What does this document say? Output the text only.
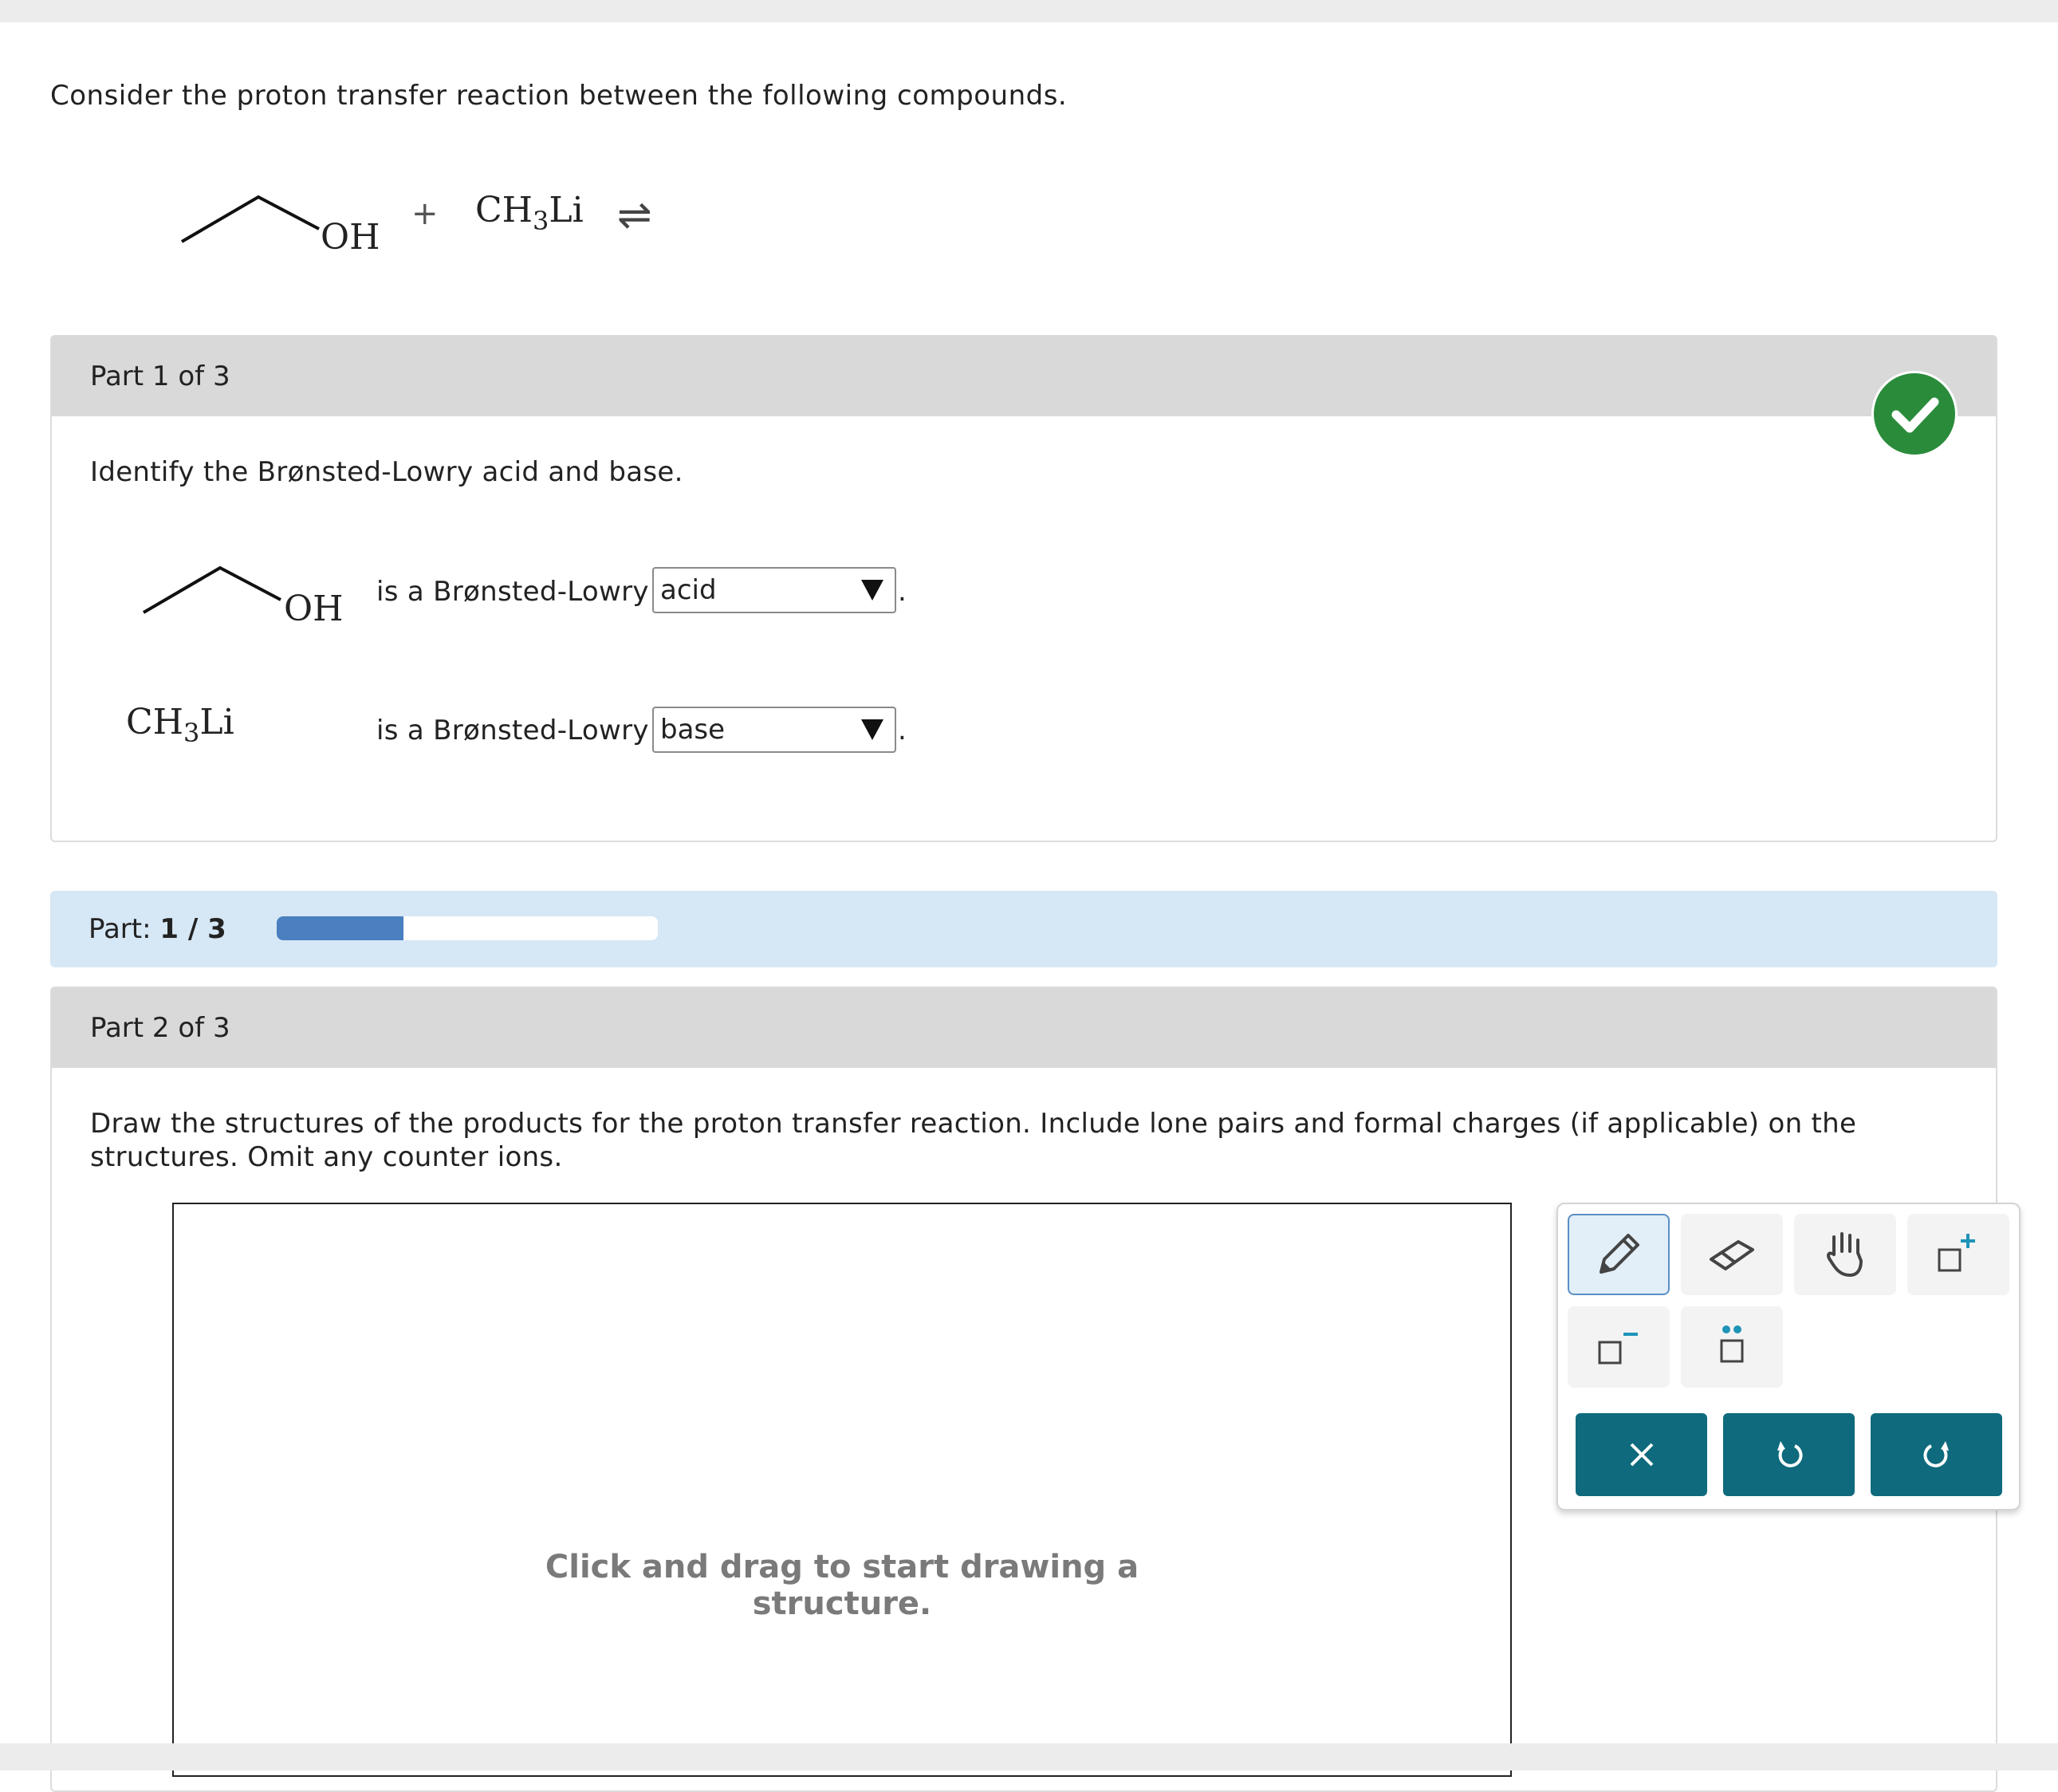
Consider the proton transfer reaction between the following compounds.
OH
+ $CH_3Li$ ⇌
Part 1 of 3
Identify the Brønsted-Lowry acid and base.
OH is a Brønsted-Lowry acid	.
$CH_3Li$	is a Brønsted-Lowry base	.
Part: 1 / 3
Part 2 of 3
Draw the structures of the products for the proton transfer reaction. Include lone pairs and formal charges (if applicable) on the structures. Omit any counter ions.
Click and drag to start drawing a
structure.
